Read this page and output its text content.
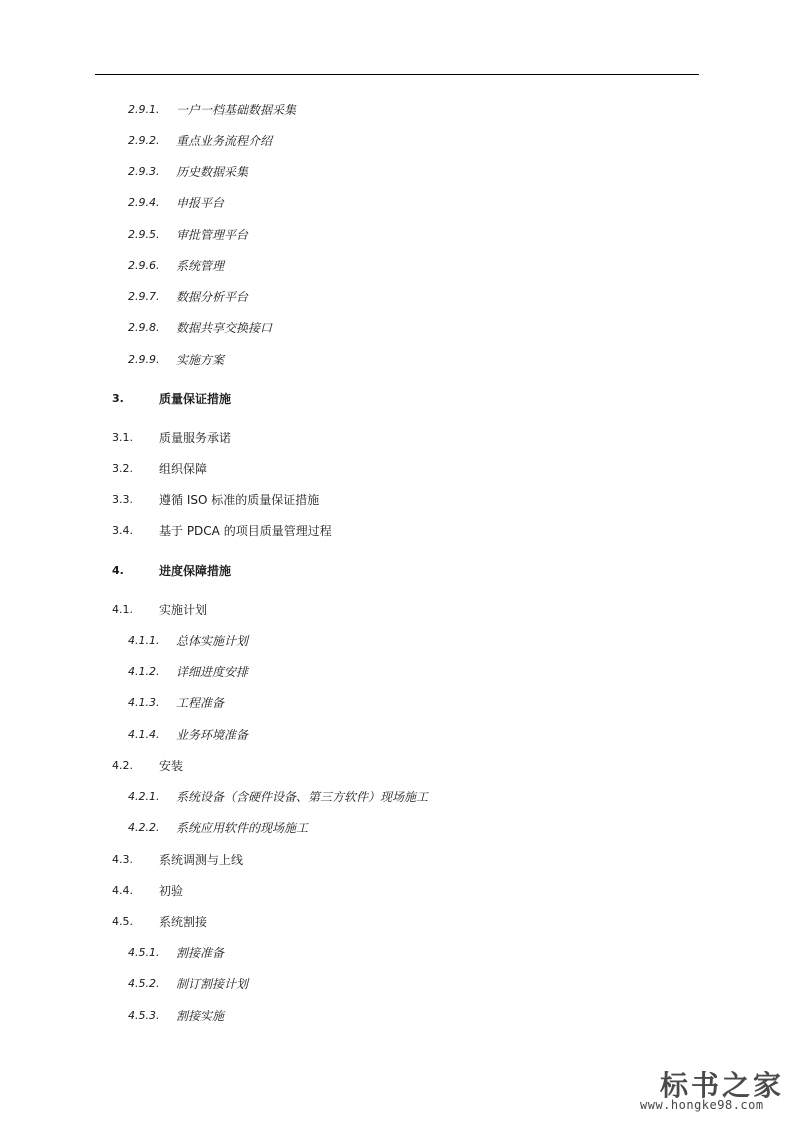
2.9.1. 一户一档基础数据采集
2.9.2. 重点业务流程介绍
2.9.3. 历史数据采集
2.9.4. 申报平台
2.9.5. 审批管理平台
2.9.6. 系统管理
2.9.7. 数据分析平台
2.9.8. 数据共享交换接口
2.9.9. 实施方案
3.	质量保证措施
3.1. 质量服务承诺
3.2. 组织保障
3.3. 遵循 ISO 标准的质量保证措施
3.4. 基于 PDCA 的项目质量管理过程
4.	进度保障措施
4.1. 实施计划
4.1.1. 总体实施计划
4.1.2. 详细进度安排
4.1.3. 工程准备
4.1.4. 业务环境准备
4.2. 安装
4.2.1. 系统设备（含硬件设备、第三方软件）现场施工
4.2.2. 系统应用软件的现场施工
4.3. 系统调测与上线
4.4. 初验
4.5. 系统割接
4.5.1. 割接准备
4.5.2. 制订割接计划
4.5.3. 割接实施
标书之家
www.hongke98.com
